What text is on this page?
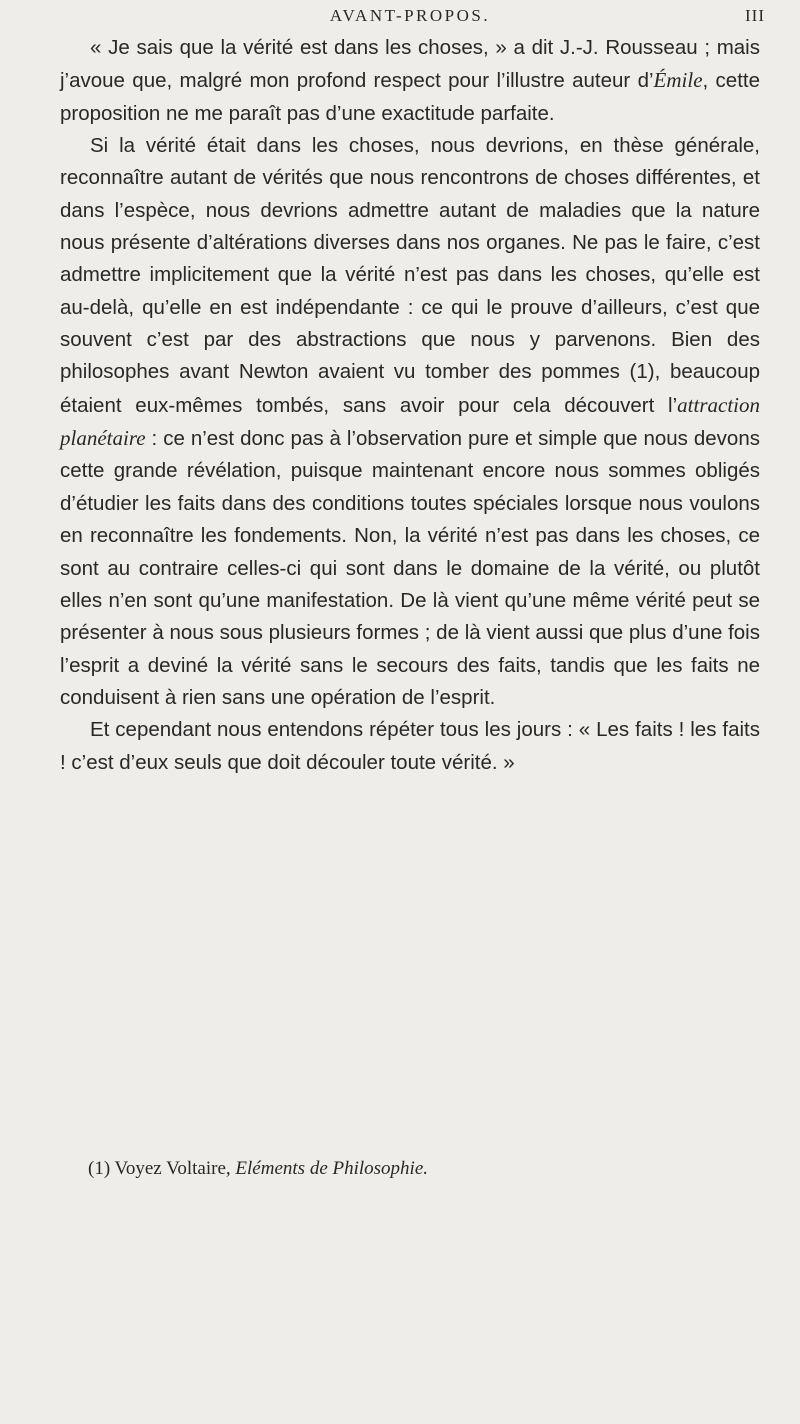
AVANT-PROPOS.	III

« Je sais que la vérité est dans les choses, » a dit J.-J. Rousseau ; mais j’avoue que, malgré mon profond respect pour l’illustre auteur d’Émile, cette proposition ne me paraît pas d’une exactitude parfaite.

Si la vérité était dans les choses, nous devrions, en thèse générale, reconnaître autant de vérités que nous rencontrons de choses différentes, et dans l’espèce, nous devrions admettre autant de maladies que la nature nous présente d’altérations diverses dans nos organes. Ne pas le faire, c’est admettre implicitement que la vérité n’est pas dans les choses, qu’elle est au-delà, qu’elle en est indépendante : ce qui le prouve d’ailleurs, c’est que souvent c’est par des abstractions que nous y parvenons. Bien des philosophes avant Newton avaient vu tomber des pommes (1), beaucoup étaient eux-mêmes tombés, sans avoir pour cela découvert l’attraction planétaire : ce n’est donc pas à l’observation pure et simple que nous devons cette grande révélation, puisque maintenant encore nous sommes obligés d’étudier les faits dans des conditions toutes spéciales lorsque nous voulons en reconnaître les fondements. Non, la vérité n’est pas dans les choses, ce sont au contraire celles-ci qui sont dans le domaine de la vérité, ou plutôt elles n’en sont qu’une manifestation. De là vient qu’une même vérité peut se présenter à nous sous plusieurs formes ; de là vient aussi que plus d’une fois l’esprit a deviné la vérité sans le secours des faits, tandis que les faits ne conduisent à rien sans une opération de l’esprit.

Et cependant nous entendons répéter tous les jours : « Les faits ! les faits ! c’est d’eux seuls que doit découler toute vérité. »

(1) Voyez Voltaire, Eléments de Philosophie.
